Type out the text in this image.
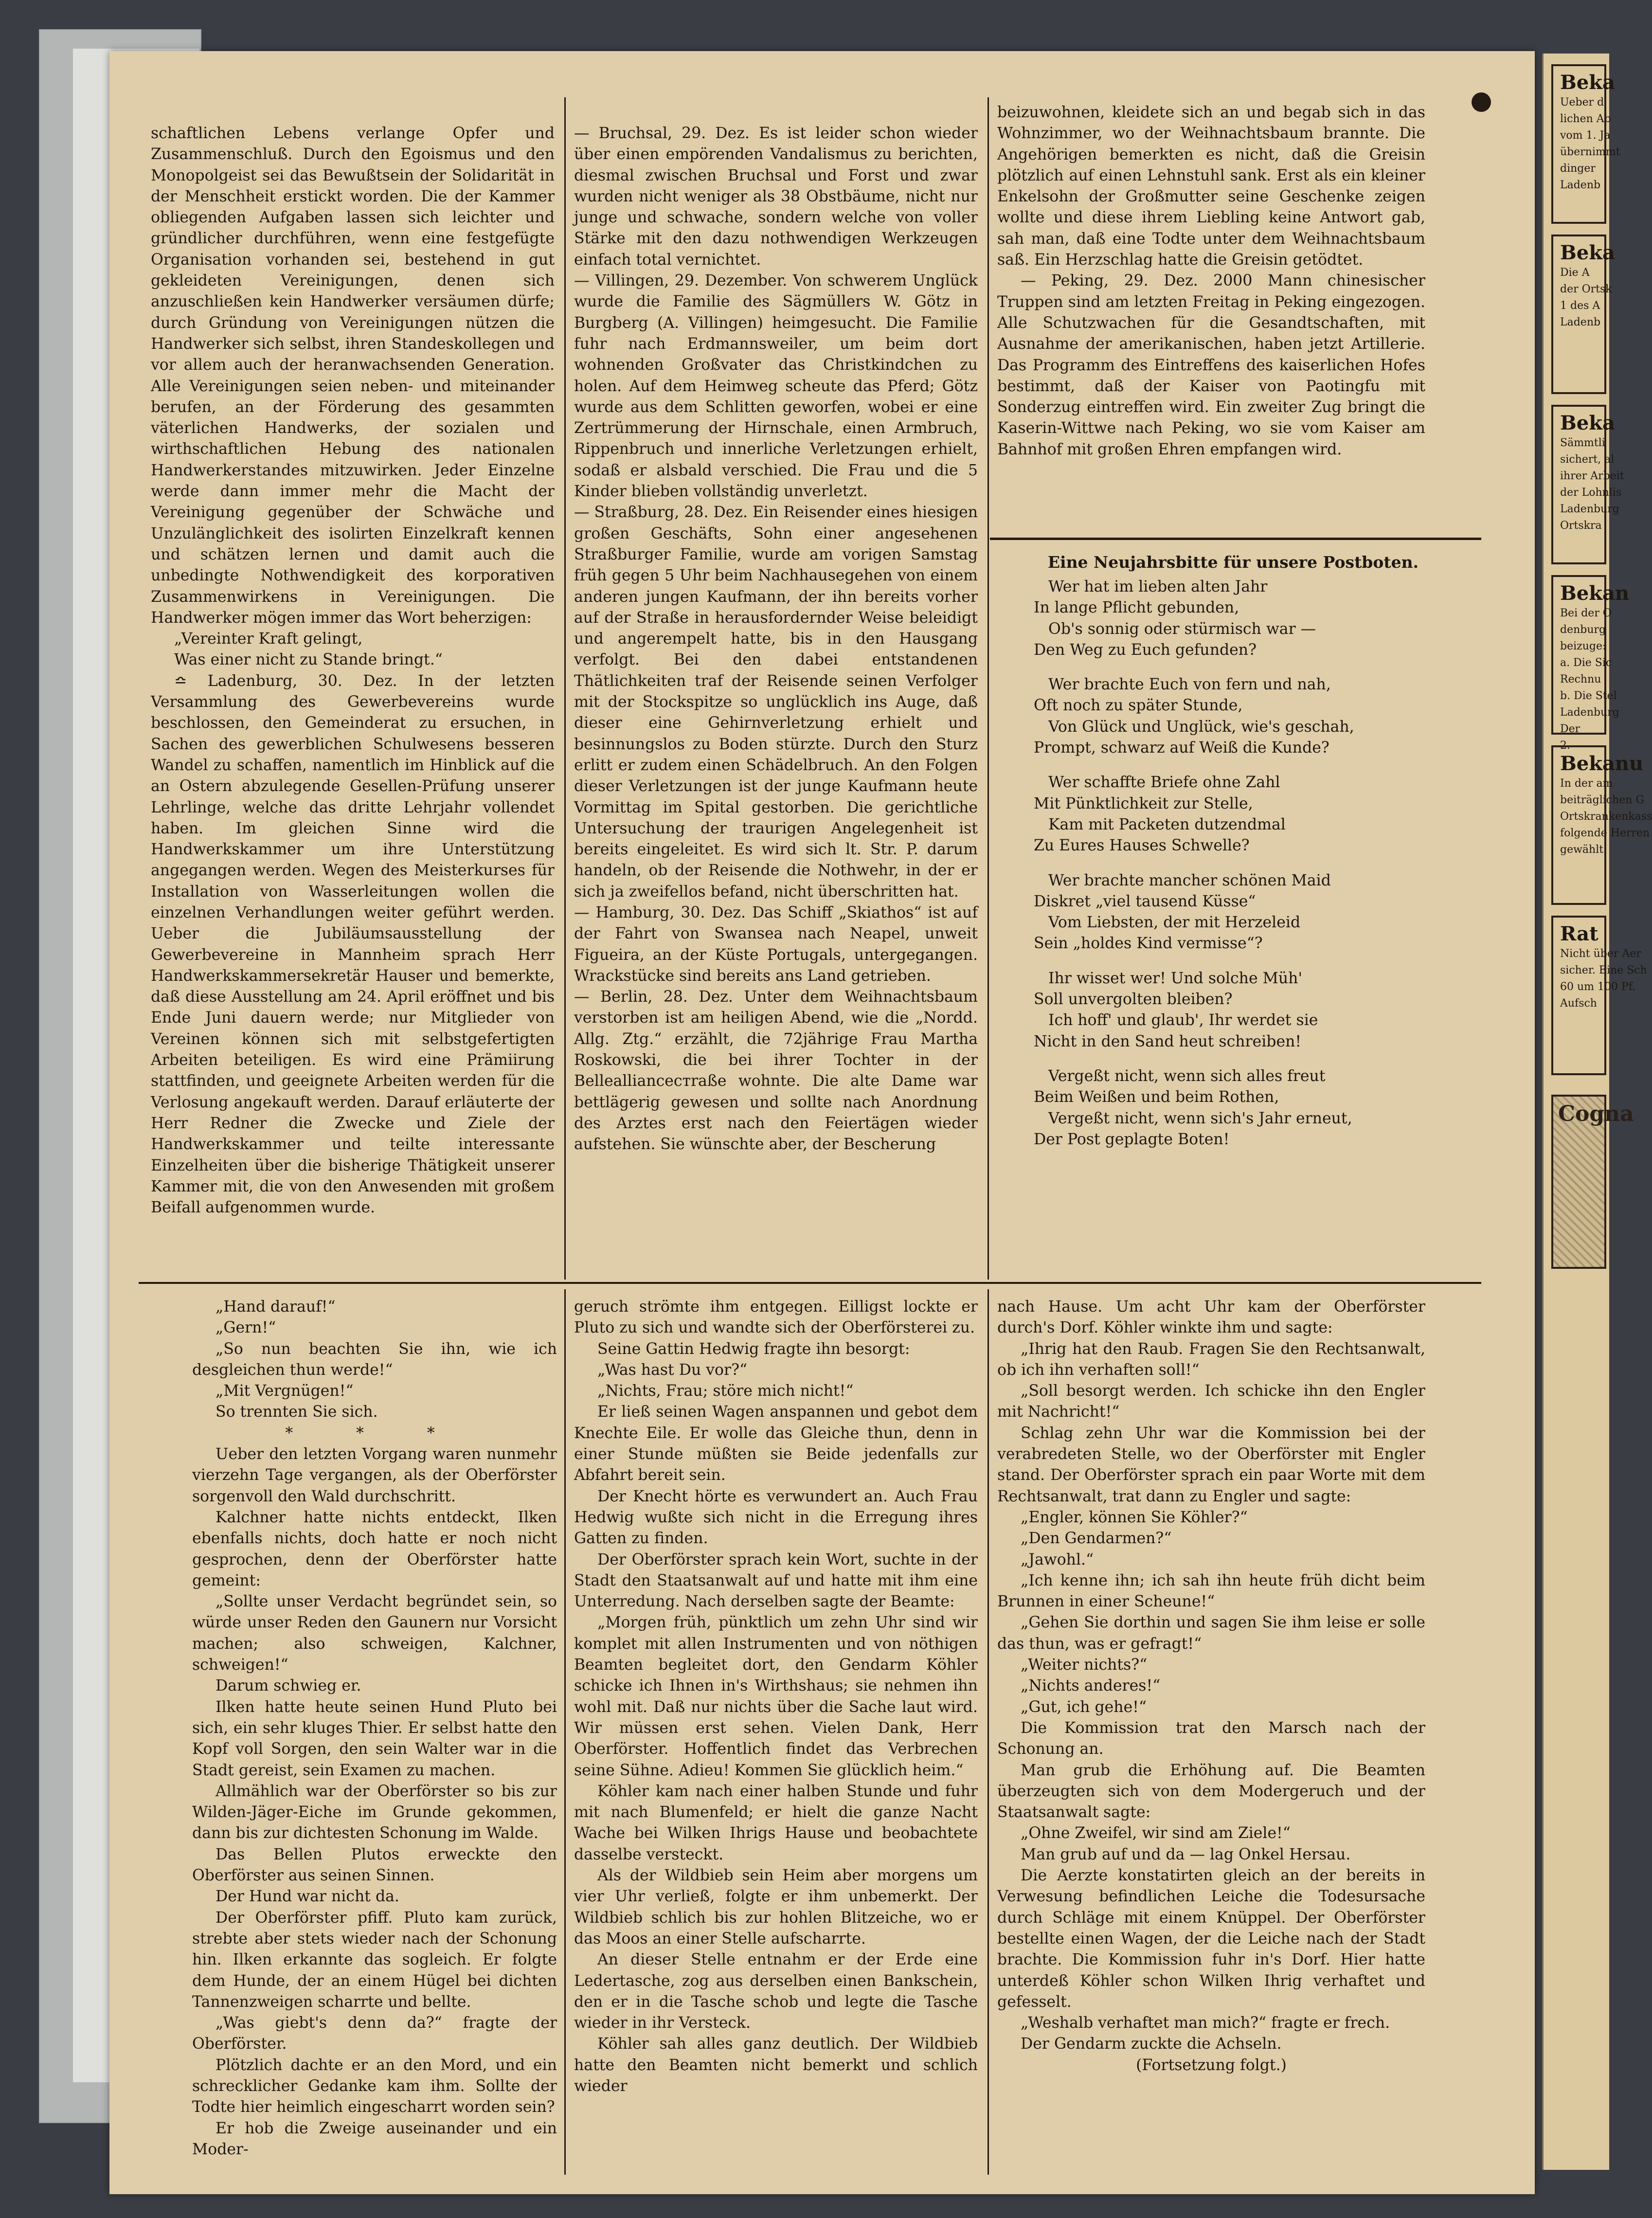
schaftlichen Lebens verlange Opfer und Zusammenschluß. Durch den Egoismus und den Monopolgeist sei das Bewußtsein der Solidarität in der Menschheit erstickt worden. Die der Kammer obliegenden Aufgaben lassen sich leichter und gründlicher durchführen, wenn eine festgefügte Organisation vorhanden sei, bestehend in gut gekleideten Vereinigungen, denen sich anzuschließen kein Handwerker versäumen dürfe; durch Gründung von Vereinigungen nützen die Handwerker sich selbst, ihren Standeskollegen und vor allem auch der heranwachsenden Generation. Alle Vereinigungen seien neben- und miteinander berufen, an der Förderung des gesammten väterlichen Handwerks, der sozialen und wirthschaftlichen Hebung des nationalen Handwerkerstandes mitzuwirken. Jeder Einzelne werde dann immer mehr die Macht der Vereinigung gegenüber der Schwäche und Unzulänglichkeit des isolirten Einzelkraft kennen und schätzen lernen und damit auch die unbedingte Nothwendigkeit des korporativen Zusammenwirkens in Vereinigungen. Die Handwerker mögen immer das Wort beherzigen:

„Vereinter Kraft gelingt,

Was einer nicht zu Stande bringt.“

≏ Ladenburg, 30. Dez. In der letzten Versammlung des Gewerbevereins wurde beschlossen, den Gemeinderat zu ersuchen, in Sachen des gewerblichen Schulwesens besseren Wandel zu schaffen, namentlich im Hinblick auf die an Ostern abzulegende Gesellen-Prüfung unserer Lehrlinge, welche das dritte Lehrjahr vollendet haben. Im gleichen Sinne wird die Handwerkskammer um ihre Unterstützung angegangen werden. Wegen des Meisterkurses für Installation von Wasserleitungen wollen die einzelnen Verhandlungen weiter geführt werden. Ueber die Jubiläumsausstellung der Gewerbevereine in Mannheim sprach Herr Handwerkskammersekretär Hauser und bemerkte, daß diese Ausstellung am 24. April eröffnet und bis Ende Juni dauern werde; nur Mitglieder von Vereinen können sich mit selbstgefertigten Arbeiten beteiligen. Es wird eine Prämiirung stattfinden, und geeignete Arbeiten werden für die Verlosung angekauft werden. Darauf erläuterte der Herr Redner die Zwecke und Ziele der Handwerkskammer und teilte interessante Einzelheiten über die bisherige Thätigkeit unserer Kammer mit, die von den Anwesenden mit großem Beifall aufgenommen wurde.

— Bruchsal, 29. Dez. Es ist leider schon wieder über einen empörenden Vandalismus zu berichten, diesmal zwischen Bruchsal und Forst und zwar wurden nicht weniger als 38 Obstbäume, nicht nur junge und schwache, sondern welche von voller Stärke mit den dazu nothwendigen Werkzeugen einfach total vernichtet.

— Villingen, 29. Dezember. Von schwerem Unglück wurde die Familie des Sägmüllers W. Götz in Burgberg (A. Villingen) heimgesucht. Die Familie fuhr nach Erdmannsweiler, um beim dort wohnenden Großvater das Christkindchen zu holen. Auf dem Heimweg scheute das Pferd; Götz wurde aus dem Schlitten geworfen, wobei er eine Zertrümmerung der Hirnschale, einen Armbruch, Rippenbruch und innerliche Verletzungen erhielt, sodaß er alsbald verschied. Die Frau und die 5 Kinder blieben vollständig unverletzt.

— Straßburg, 28. Dez. Ein Reisender eines hiesigen großen Geschäfts, Sohn einer angesehenen Straßburger Familie, wurde am vorigen Samstag früh gegen 5 Uhr beim Nachhausegehen von einem anderen jungen Kaufmann, der ihn bereits vorher auf der Straße in herausfordernder Weise beleidigt und angerempelt hatte, bis in den Hausgang verfolgt. Bei den dabei entstandenen Thätlichkeiten traf der Reisende seinen Verfolger mit der Stockspitze so unglücklich ins Auge, daß dieser eine Gehirnverletzung erhielt und besinnungslos zu Boden stürzte. Durch den Sturz erlitt er zudem einen Schädelbruch. An den Folgen dieser Verletzungen ist der junge Kaufmann heute Vormittag im Spital gestorben. Die gerichtliche Untersuchung der traurigen Angelegenheit ist bereits eingeleitet. Es wird sich lt. Str. P. darum handeln, ob der Reisende die Nothwehr, in der er sich ja zweifellos befand, nicht überschritten hat.

— Hamburg, 30. Dez. Das Schiff „Skiathos“ ist auf der Fahrt von Swansea nach Neapel, unweit Figueira, an der Küste Portugals, untergegangen. Wrackstücke sind bereits ans Land getrieben.

— Berlin, 28. Dez. Unter dem Weihnachtsbaum verstorben ist am heiligen Abend, wie die „Nordd. Allg. Ztg.“ erzählt, die 72jährige Frau Martha Roskowski, die bei ihrer Tochter in der Belleallianceстraße wohnte. Die alte Dame war bettlägerig gewesen und sollte nach Anordnung des Arztes erst nach den Feiertägen wieder aufstehen. Sie wünschte aber, der Bescherung

beizuwohnen, kleidete sich an und begab sich in das Wohnzimmer, wo der Weihnachtsbaum brannte. Die Angehörigen bemerkten es nicht, daß die Greisin plötzlich auf einen Lehnstuhl sank. Erst als ein kleiner Enkelsohn der Großmutter seine Geschenke zeigen wollte und diese ihrem Liebling keine Antwort gab, sah man, daß eine Todte unter dem Weihnachtsbaum saß. Ein Herzschlag hatte die Greisin getödtet.

— Peking, 29. Dez. 2000 Mann chinesischer Truppen sind am letzten Freitag in Peking eingezogen. Alle Schutzwachen für die Gesandtschaften, mit Ausnahme der amerikanischen, haben jetzt Artillerie. Das Programm des Eintreffens des kaiserlichen Hofes bestimmt, daß der Kaiser von Paotingfu mit Sonderzug eintreffen wird. Ein zweiter Zug bringt die Kaserin-Wittwe nach Peking, wo sie vom Kaiser am Bahnhof mit großen Ehren empfangen wird.

Eine Neujahrsbitte für unsere Postboten.
Wer hat im lieben alten Jahr
In lange Pflicht gebunden,
Ob's sonnig oder stürmisch war —
Den Weg zu Euch gefunden?
Wer brachte Euch von fern und nah,
Oft noch zu später Stunde,
Von Glück und Unglück, wie's geschah,
Prompt, schwarz auf Weiß die Kunde?
Wer schaffte Briefe ohne Zahl
Mit Pünktlichkeit zur Stelle,
Kam mit Packeten dutzendmal
Zu Eures Hauses Schwelle?
Wer brachte mancher schönen Maid
Diskret „viel tausend Küsse“
Vom Liebsten, der mit Herzeleid
Sein „holdes Kind vermisse“?
Ihr wisset wer! Und solche Müh'
Soll unvergolten bleiben?
Ich hoff' und glaub', Ihr werdet sie
Nicht in den Sand heut schreiben!
Vergeßt nicht, wenn sich alles freut
Beim Weißen und beim Rothen,
Vergeßt nicht, wenn sich's Jahr erneut,
Der Post geplagte Boten!

„Hand darauf!“

„Gern!“

„So nun beachten Sie ihn, wie ich desgleichen thun werde!“

„Mit Vergnügen!“

So trennten Sie sich.

* * *

Ueber den letzten Vorgang waren nunmehr vierzehn Tage vergangen, als der Oberförster sorgenvoll den Wald durchschritt.

Kalchner hatte nichts entdeckt, Ilken ebenfalls nichts, doch hatte er noch nicht gesprochen, denn der Oberförster hatte gemeint:

„Sollte unser Verdacht begründet sein, so würde unser Reden den Gaunern nur Vorsicht machen; also schweigen, Kalchner, schweigen!“

Darum schwieg er.

Ilken hatte heute seinen Hund Pluto bei sich, ein sehr kluges Thier. Er selbst hatte den Kopf voll Sorgen, den sein Walter war in die Stadt gereist, sein Examen zu machen.

Allmählich war der Oberförster so bis zur Wilden-Jäger-Eiche im Grunde gekommen, dann bis zur dichtesten Schonung im Walde.

Das Bellen Plutos erweckte den Oberförster aus seinen Sinnen.

Der Hund war nicht da.

Der Oberförster pfiff. Pluto kam zurück, strebte aber stets wieder nach der Schonung hin. Ilken erkannte das sogleich. Er folgte dem Hunde, der an einem Hügel bei dichten Tannenzweigen scharrte und bellte.

„Was giebt's denn da?“ fragte der Oberförster.

Plötzlich dachte er an den Mord, und ein schrecklicher Gedanke kam ihm. Sollte der Todte hier heimlich eingescharrt worden sein?

Er hob die Zweige auseinander und ein Moder-

geruch strömte ihm entgegen. Eilligst lockte er Pluto zu sich und wandte sich der Oberförsterei zu.

Seine Gattin Hedwig fragte ihn besorgt:

„Was hast Du vor?“

„Nichts, Frau; störe mich nicht!“

Er ließ seinen Wagen anspannen und gebot dem Knechte Eile. Er wolle das Gleiche thun, denn in einer Stunde müßten sie Beide jedenfalls zur Abfahrt bereit sein.

Der Knecht hörte es verwundert an. Auch Frau Hedwig wußte sich nicht in die Erregung ihres Gatten zu finden.

Der Oberförster sprach kein Wort, suchte in der Stadt den Staatsanwalt auf und hatte mit ihm eine Unterredung. Nach derselben sagte der Beamte:

„Morgen früh, pünktlich um zehn Uhr sind wir komplet mit allen Instrumenten und von nöthigen Beamten begleitet dort, den Gendarm Köhler schicke ich Ihnen in's Wirthshaus; sie nehmen ihn wohl mit. Daß nur nichts über die Sache laut wird. Wir müssen erst sehen. Vielen Dank, Herr Oberförster. Hoffentlich findet das Verbrechen seine Sühne. Adieu! Kommen Sie glücklich heim.“

Köhler kam nach einer halben Stunde und fuhr mit nach Blumenfeld; er hielt die ganze Nacht Wache bei Wilken Ihrigs Hause und beobachtete dasselbe versteckt.

Als der Wildbieb sein Heim aber morgens um vier Uhr verließ, folgte er ihm unbemerkt. Der Wildbieb schlich bis zur hohlen Blitzeiche, wo er das Moos an einer Stelle aufscharrte.

An dieser Stelle entnahm er der Erde eine Ledertasche, zog aus derselben einen Bankschein, den er in die Tasche schob und legte die Tasche wieder in ihr Versteck.

Köhler sah alles ganz deutlich. Der Wildbieb hatte den Beamten nicht bemerkt und schlich wieder

nach Hause. Um acht Uhr kam der Oberförster durch's Dorf. Köhler winkte ihm und sagte:

„Ihrig hat den Raub. Fragen Sie den Rechtsanwalt, ob ich ihn verhaften soll!“

„Soll besorgt werden. Ich schicke ihn den Engler mit Nachricht!“

Schlag zehn Uhr war die Kommission bei der verabredeten Stelle, wo der Oberförster mit Engler stand. Der Oberförster sprach ein paar Worte mit dem Rechtsanwalt, trat dann zu Engler und sagte:

„Engler, können Sie Köhler?“

„Den Gendarmen?“

„Jawohl.“

„Ich kenne ihn; ich sah ihn heute früh dicht beim Brunnen in einer Scheune!“

„Gehen Sie dorthin und sagen Sie ihm leise er solle das thun, was er gefragt!“

„Weiter nichts?“

„Nichts anderes!“

„Gut, ich gehe!“

Die Kommission trat den Marsch nach der Schonung an.

Man grub die Erhöhung auf. Die Beamten überzeugten sich von dem Modergeruch und der Staatsanwalt sagte:

„Ohne Zweifel, wir sind am Ziele!“

Man grub auf und da — lag Onkel Hersau.

Die Aerzte konstatirten gleich an der bereits in Verwesung befindlichen Leiche die Todesursache durch Schläge mit einem Knüppel. Der Oberförster bestellte einen Wagen, der die Leiche nach der Stadt brachte. Die Kommission fuhr in's Dorf. Hier hatte unterdeß Köhler schon Wilken Ihrig verhaftet und gefesselt.

„Weshalb verhaftet man mich?“ fragte er frech.

Der Gendarm zuckte die Achseln.

(Fortsetzung folgt.)

Beka
Ueber d
lichen Ab
vom 1. Ja
übernimmt
dinger
Ladenb
Beka
Die A
der Ortsk
1 des A
Ladenb
Beka
Sämmtli
sichert, al
ihrer Arbeit
der Lohnlis
Ladenburg
Ortskra
Bekan
Bei der O
denburg
beizuge:
a. Die Sic
Rechnu
b. Die Stel
Ladenburg
Der
2.
Bekanu
In der am
beiträglichen G
Ortskrankenkass
folgende Herren
gewählt:
Rat
Nicht über Aer
sicher. Eine Sch
60 um 100 Pf.
Aufsch
Cogna
